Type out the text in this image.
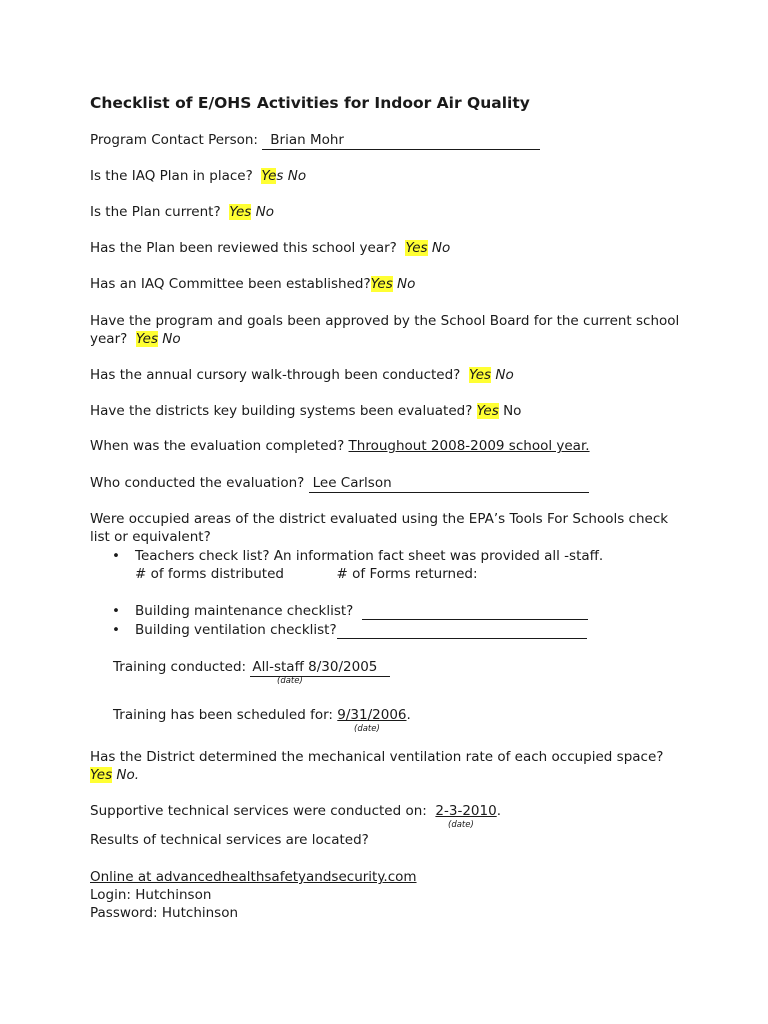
Checklist of E/OHS Activities for Indoor Air Quality
Program Contact Person: Brian Mohr
Is the IAQ Plan in place? Yes No
Is the Plan current? Yes No
Has the Plan been reviewed this school year? Yes No
Has an IAQ Committee been established?Yes No
Have the program and goals been approved by the School Board for the current school
year? Yes No
Has the annual cursory walk-through been conducted? Yes No
Have the districts key building systems been evaluated? Yes No
When was the evaluation completed? Throughout 2008-2009 school year.
Who conducted the evaluation? Lee Carlson
Were occupied areas of the district evaluated using the EPA’s Tools For Schools check
list or equivalent?
• Teachers check list? An information fact sheet was provided all -staff.
# of forms distributed	# of Forms returned:
• Building maintenance checklist?
• Building ventilation checklist?
Training conducted: All-staff 8/30/2005
(date)
Training has been scheduled for: 9/31/2006.
(date)
Has the District determined the mechanical ventilation rate of each occupied space?
Yes No.
Supportive technical services were conducted on: 2-3-2010.
(date)
Results of technical services are located?
Online at advancedhealthsafetyandsecurity.com
Login: Hutchinson
Password: Hutchinson
